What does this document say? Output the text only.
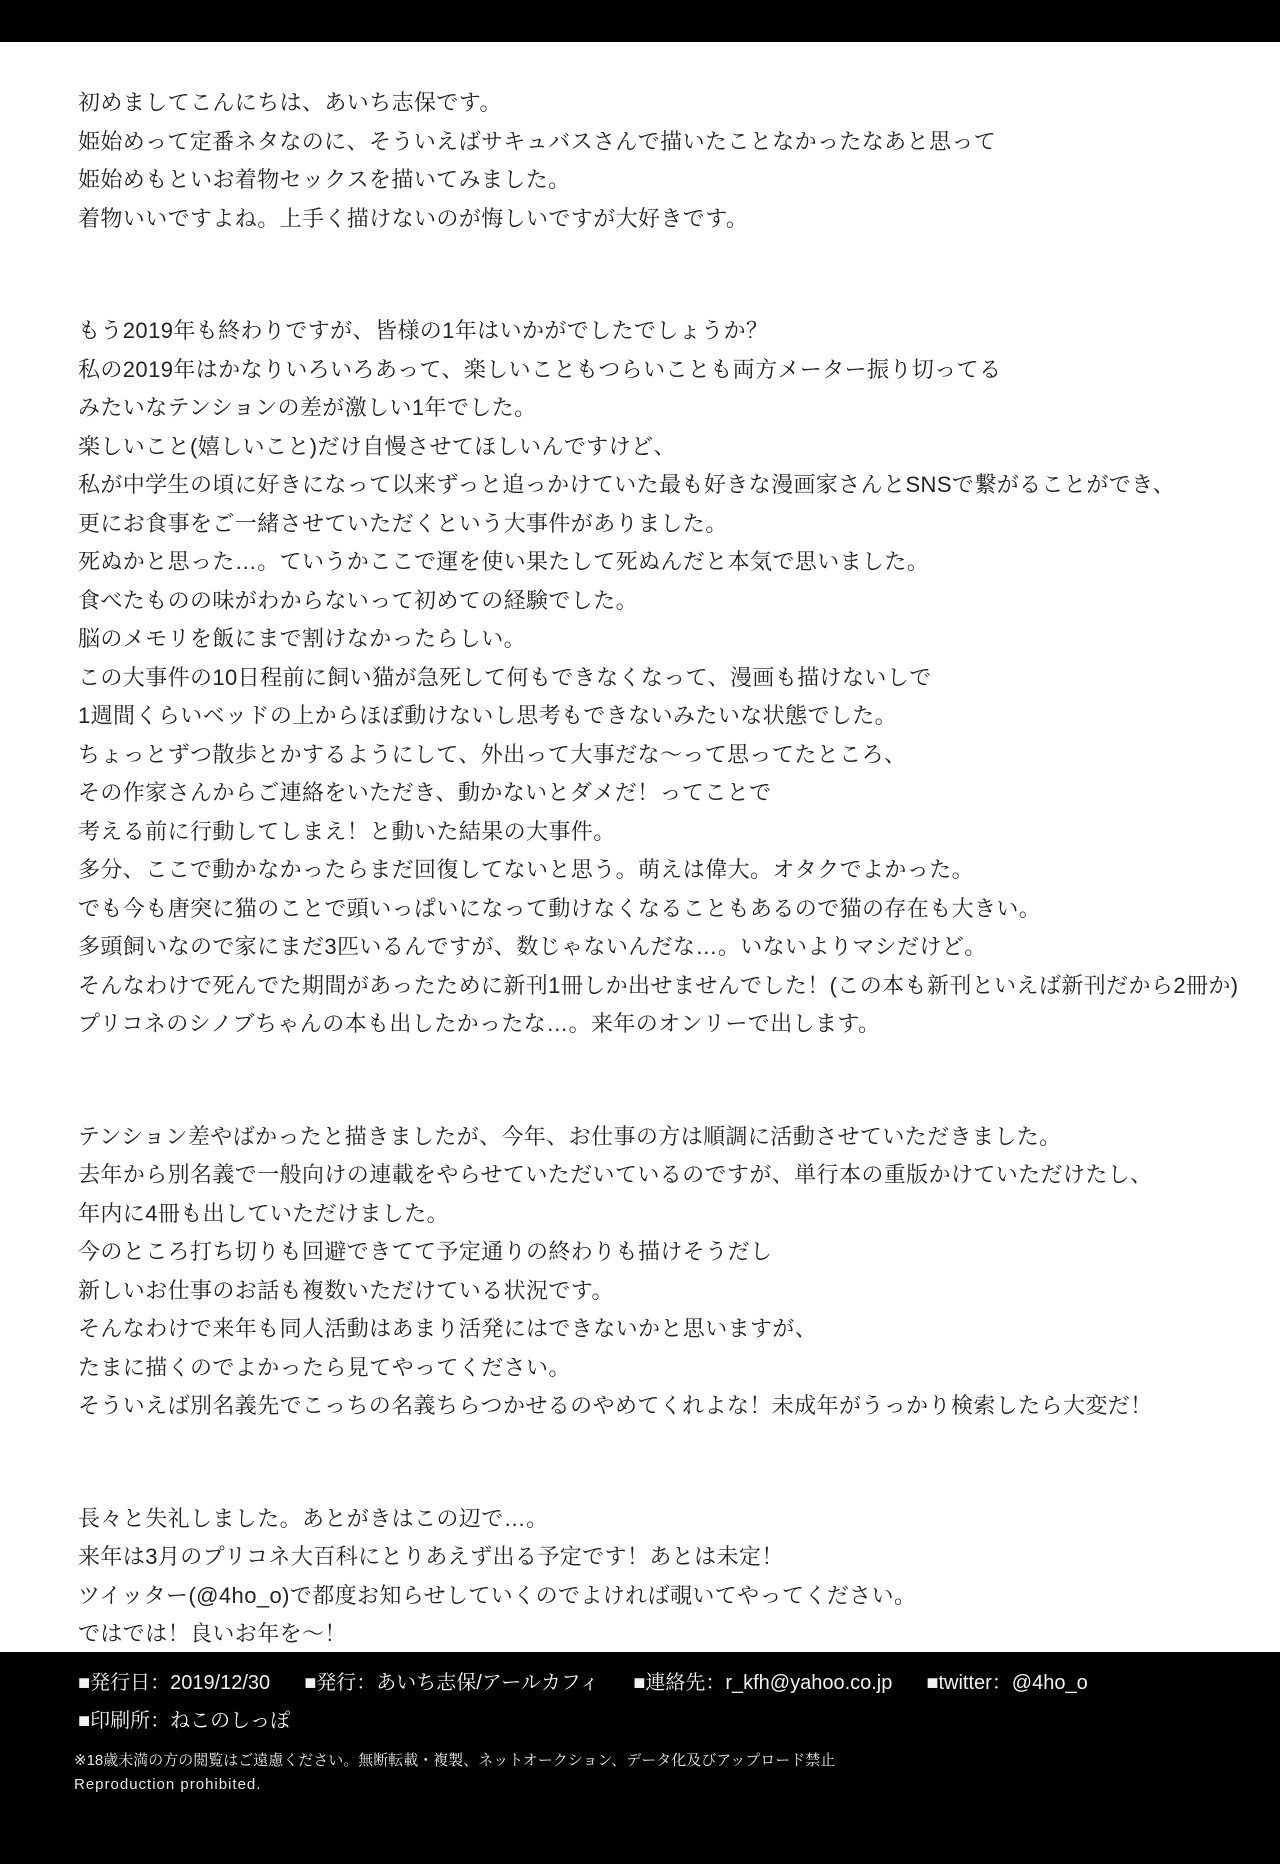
初めましてこんにちは、あいち志保です。
姫始めって定番ネタなのに、そういえばサキュバスさんで描いたことなかったなあと思って
姫始めもといお着物セックスを描いてみました。
着物いいですよね。上手く描けないのが悔しいですが大好きです。
もう2019年も終わりですが、皆様の1年はいかがでしたでしょうか？
私の2019年はかなりいろいろあって、楽しいこともつらいことも両方メーター振り切ってる
みたいなテンションの差が激しい1年でした。
楽しいこと(嬉しいこと)だけ自慢させてほしいんですけど、
私が中学生の頃に好きになって以来ずっと追っかけていた最も好きな漫画家さんとSNSで繋がることができ、
更にお食事をご一緒させていただくという大事件がありました。
死ぬかと思った…。ていうかここで運を使い果たして死ぬんだと本気で思いました。
食べたものの味がわからないって初めての経験でした。
脳のメモリを飯にまで割けなかったらしい。
この大事件の10日程前に飼い猫が急死して何もできなくなって、漫画も描けないしで
1週間くらいベッドの上からほぼ動けないし思考もできないみたいな状態でした。
ちょっとずつ散歩とかするようにして、外出って大事だな～って思ってたところ、
その作家さんからご連絡をいただき、動かないとダメだ！ってことで
考える前に行動してしまえ！と動いた結果の大事件。
多分、ここで動かなかったらまだ回復してないと思う。萌えは偉大。オタクでよかった。
でも今も唐突に猫のことで頭いっぱいになって動けなくなることもあるので猫の存在も大きい。
多頭飼いなので家にまだ3匹いるんですが、数じゃないんだな…。いないよりマシだけど。
そんなわけで死んでた期間があったために新刊1冊しか出せませんでした！(この本も新刊といえば新刊だから2冊か)
プリコネのシノブちゃんの本も出したかったな…。来年のオンリーで出します。
テンション差やばかったと描きましたが、今年、お仕事の方は順調に活動させていただきました。
去年から別名義で一般向けの連載をやらせていただいているのですが、単行本の重版かけていただけたし、
年内に4冊も出していただけました。
今のところ打ち切りも回避できてて予定通りの終わりも描けそうだし
新しいお仕事のお話も複数いただけている状況です。
そんなわけで来年も同人活動はあまり活発にはできないかと思いますが、
たまに描くのでよかったら見てやってください。
そういえば別名義先でこっちの名義ちらつかせるのやめてくれよな！未成年がうっかり検索したら大変だ！
長々と失礼しました。あとがきはこの辺で…。
来年は3月のプリコネ大百科にとりあえず出る予定です！あとは未定！
ツイッター(@4ho_o)で都度お知らせしていくのでよければ覗いてやってください。
ではでは！良いお年を～！
■発行日：2019/12/30 ■発行：あいち志保/アールカフィ ■連絡先：r_kfh@yahoo.co.jp ■twitter：@4ho_o
■印刷所：ねこのしっぽ
※18歳未満の方の閲覧はご遠慮ください。無断転載・複製、ネットオークション、データ化及びアップロード禁止
Reproduction prohibited.
